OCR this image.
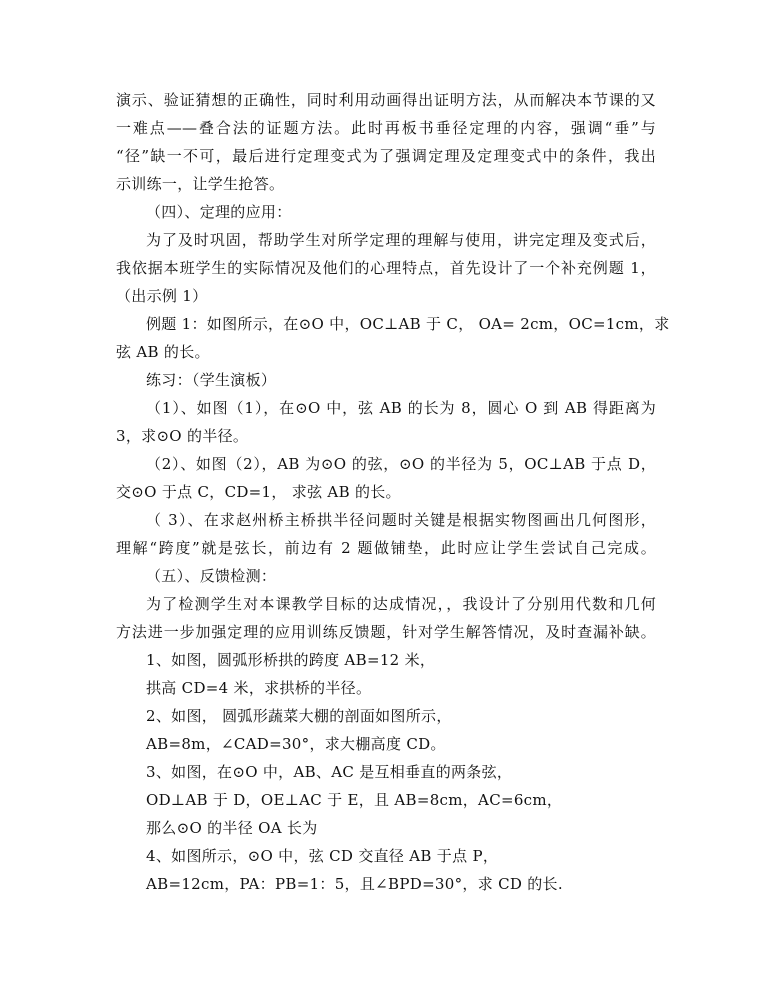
演示、验证猜想的正确性，同时利用动画得出证明方法，从而解决本节课的又
一难点——叠合法的证题方法。此时再板书垂径定理的内容，强调“垂”与
“径”缺一不可，最后进行定理变式为了强调定理及定理变式中的条件，我出
示训练一，让学生抢答。
（四）、定理的应用：
为了及时巩固，帮助学生对所学定理的理解与使用，讲完定理及变式后，
我依据本班学生的实际情况及他们的心理特点，首先设计了一个补充例题 1，
（出示例 1）
例题 1：如图所示，在⊙O 中，OC⊥AB 于 C， OA= 2cm，OC=1cm，求
弦 AB 的长。
练习：（学生演板）
（1）、如图（1），在⊙O 中，弦 AB 的长为 8，圆心 O 到 AB 得距离为
3，求⊙O 的半径。
（2）、如图（2），AB 为⊙O 的弦，⊙O 的半径为 5，OC⊥AB 于点 D，
交⊙O 于点 C，CD=1， 求弦 AB 的长。
（ 3）、在求赵州桥主桥拱半径问题时关键是根据实物图画出几何图形，
理解“跨度”就是弦长，前边有 2 题做铺垫，此时应让学生尝试自己完成。
（五）、反馈检测：
为了检测学生对本课教学目标的达成情况，，我设计了分别用代数和几何
方法进一步加强定理的应用训练反馈题，针对学生解答情况，及时查漏补缺。
1、如图，圆弧形桥拱的跨度 AB=12 米，
拱高 CD=4 米，求拱桥的半径。
2、如图， 圆弧形蔬菜大棚的剖面如图所示，
AB=8m，∠CAD=30°，求大棚高度 CD。
3、如图，在⊙O 中，AB、AC 是互相垂直的两条弦，
OD⊥AB 于 D，OE⊥AC 于 E，且 AB=8cm，AC=6cm，
那么⊙O 的半径 OA 长为
4、如图所示，⊙O 中，弦 CD 交直径 AB 于点 P，
AB=12cm，PA：PB=1：5，且∠BPD=30°，求 CD 的长.
